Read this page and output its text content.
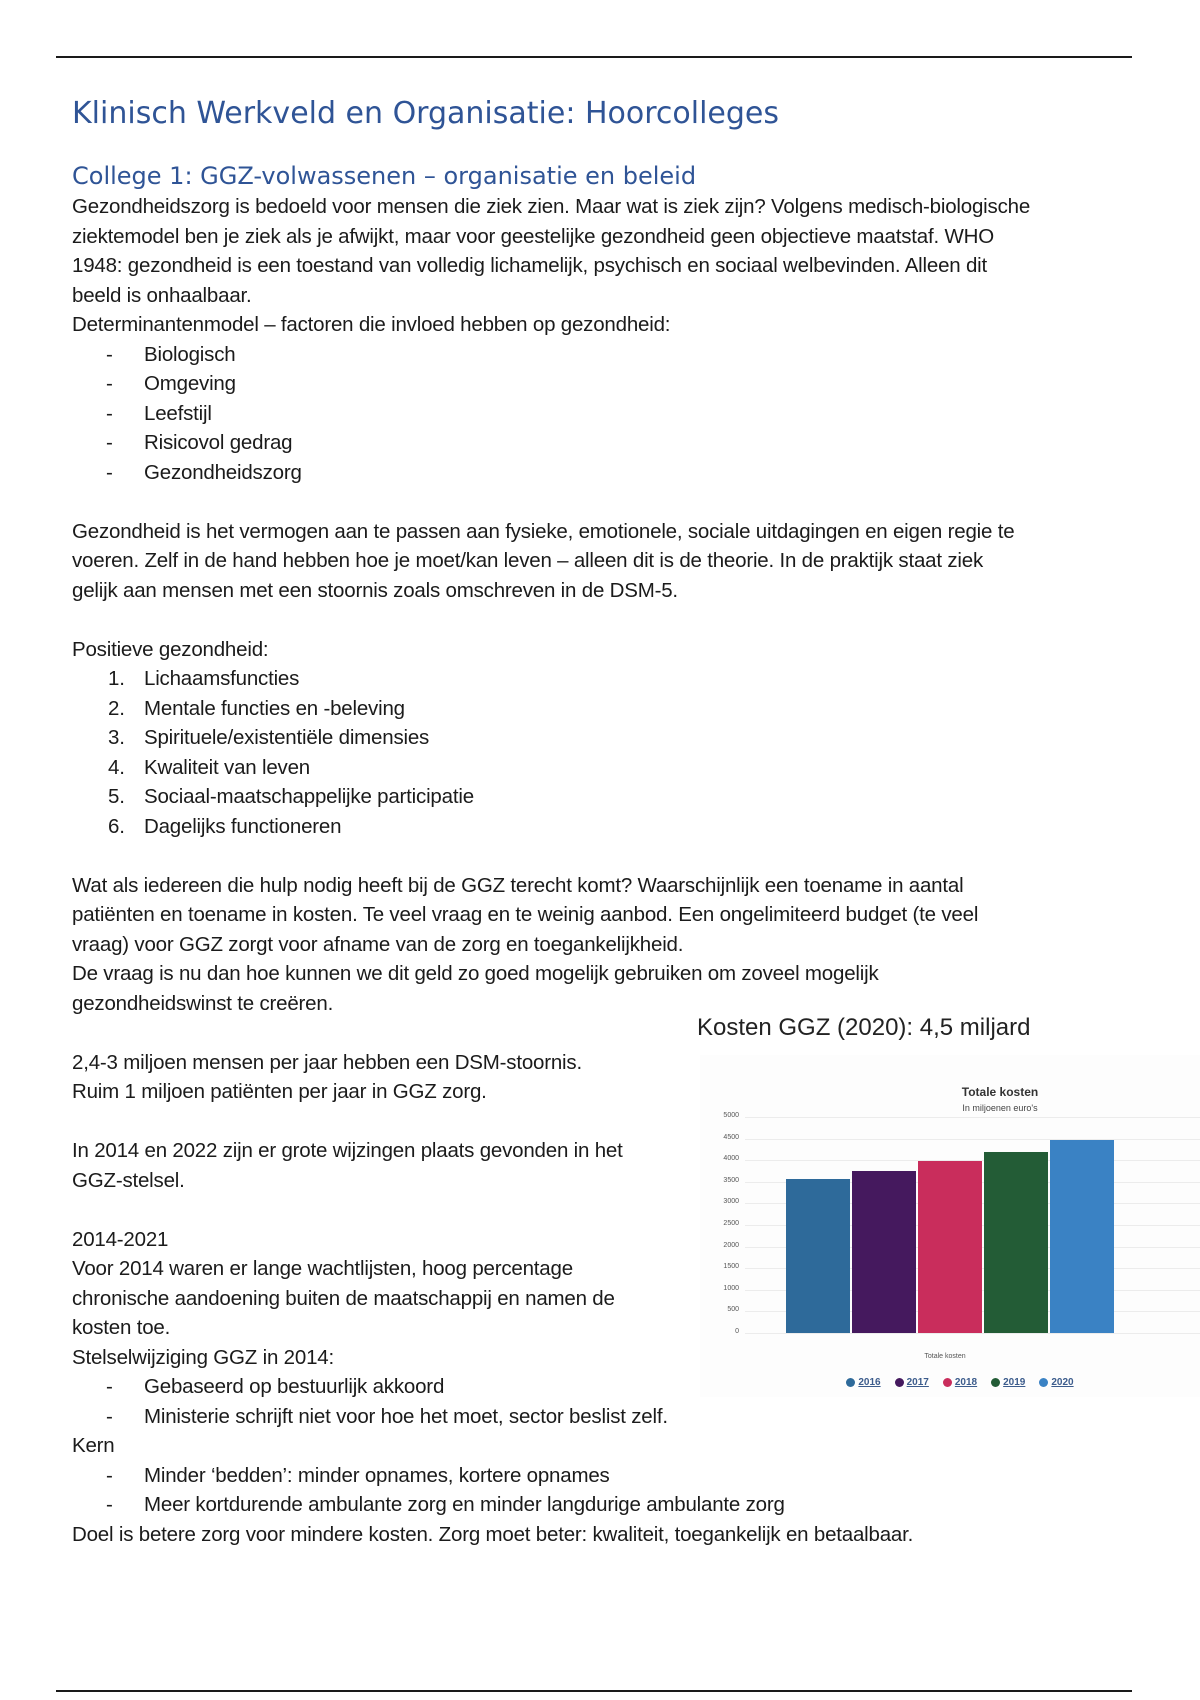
Klinisch Werkveld en Organisatie: Hoorcolleges
College 1: GGZ-volwassenen – organisatie en beleid
Gezondheidszorg is bedoeld voor mensen die ziek zien. Maar wat is ziek zijn? Volgens medisch-biologische
ziektemodel ben je ziek als je afwijkt, maar voor geestelijke gezondheid geen objectieve maatstaf. WHO
1948: gezondheid is een toestand van volledig lichamelijk, psychisch en sociaal welbevinden. Alleen dit
beeld is onhaalbaar.
Determinantenmodel – factoren die invloed hebben op gezondheid:
- Biologisch
- Omgeving
- Leefstijl
- Risicovol gedrag
- Gezondheidszorg
Gezondheid is het vermogen aan te passen aan fysieke, emotionele, sociale uitdagingen en eigen regie te
voeren. Zelf in de hand hebben hoe je moet/kan leven – alleen dit is de theorie. In de praktijk staat ziek
gelijk aan mensen met een stoornis zoals omschreven in de DSM-5.
Positieve gezondheid:
1. Lichaamsfuncties
2. Mentale functies en -beleving
3. Spirituele/existentiële dimensies
4. Kwaliteit van leven
5. Sociaal-maatschappelijke participatie
6. Dagelijks functioneren
Wat als iedereen die hulp nodig heeft bij de GGZ terecht komt? Waarschijnlijk een toename in aantal
patiënten en toename in kosten. Te veel vraag en te weinig aanbod. Een ongelimiteerd budget (te veel
vraag) voor GGZ zorgt voor afname van de zorg en toegankelijkheid.
De vraag is nu dan hoe kunnen we dit geld zo goed mogelijk gebruiken om zoveel mogelijk
gezondheidswinst te creëren.
2,4-3 miljoen mensen per jaar hebben een DSM-stoornis.
Ruim 1 miljoen patiënten per jaar in GGZ zorg.
In 2014 en 2022 zijn er grote wijzingen plaats gevonden in het
GGZ-stelsel.
2014-2021
Voor 2014 waren er lange wachtlijsten, hoog percentage
chronische aandoening buiten de maatschappij en namen de
kosten toe.
Stelselwijziging GGZ in 2014:
- Gebaseerd op bestuurlijk akkoord
- Ministerie schrijft niet voor hoe het moet, sector beslist zelf.
Kern
- Minder ‘bedden’: minder opnames, kortere opnames
- Meer kortdurende ambulante zorg en minder langdurige ambulante zorg
Doel is betere zorg voor mindere kosten. Zorg moet beter: kwaliteit, toegankelijk en betaalbaar.
Kosten GGZ (2020): 4,5 miljard
Totale kosten
In miljoenen euro's
0
500
1000
1500
2000
2500
3000
3500
4000
4500
5000
Totale kosten
2016	2017	2018	2019	2020
